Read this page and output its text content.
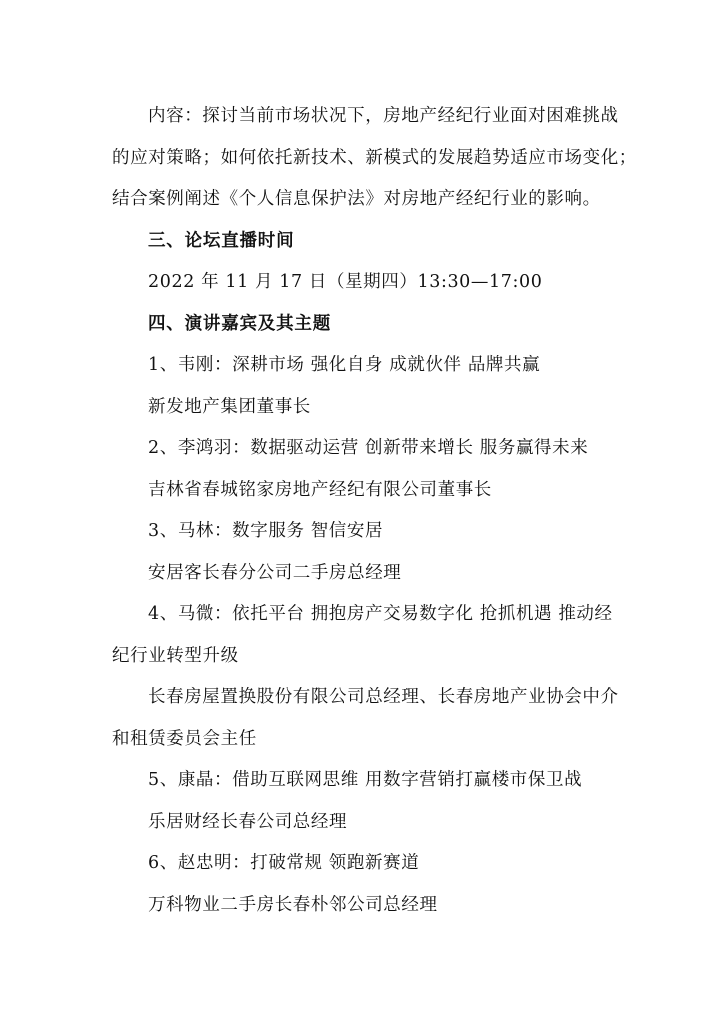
内容：探讨当前市场状况下，房地产经纪行业面对困难挑战
的应对策略；如何依托新技术、新模式的发展趋势适应市场变化；
结合案例阐述《个人信息保护法》对房地产经纪行业的影响。
三、论坛直播时间
2022 年 11 月 17 日（星期四）13:30—17:00
四、演讲嘉宾及其主题
1、韦刚：深耕市场 强化自身 成就伙伴 品牌共赢
新发地产集团董事长
2、李鸿羽：数据驱动运营 创新带来增长 服务赢得未来
吉林省春城铭家房地产经纪有限公司董事长
3、马林：数字服务 智信安居
安居客长春分公司二手房总经理
4、马微：依托平台 拥抱房产交易数字化 抢抓机遇 推动经
纪行业转型升级
长春房屋置换股份有限公司总经理、长春房地产业协会中介
和租赁委员会主任
5、康晶：借助互联网思维 用数字营销打赢楼市保卫战
乐居财经长春公司总经理
6、赵忠明：打破常规 领跑新赛道
万科物业二手房长春朴邻公司总经理
